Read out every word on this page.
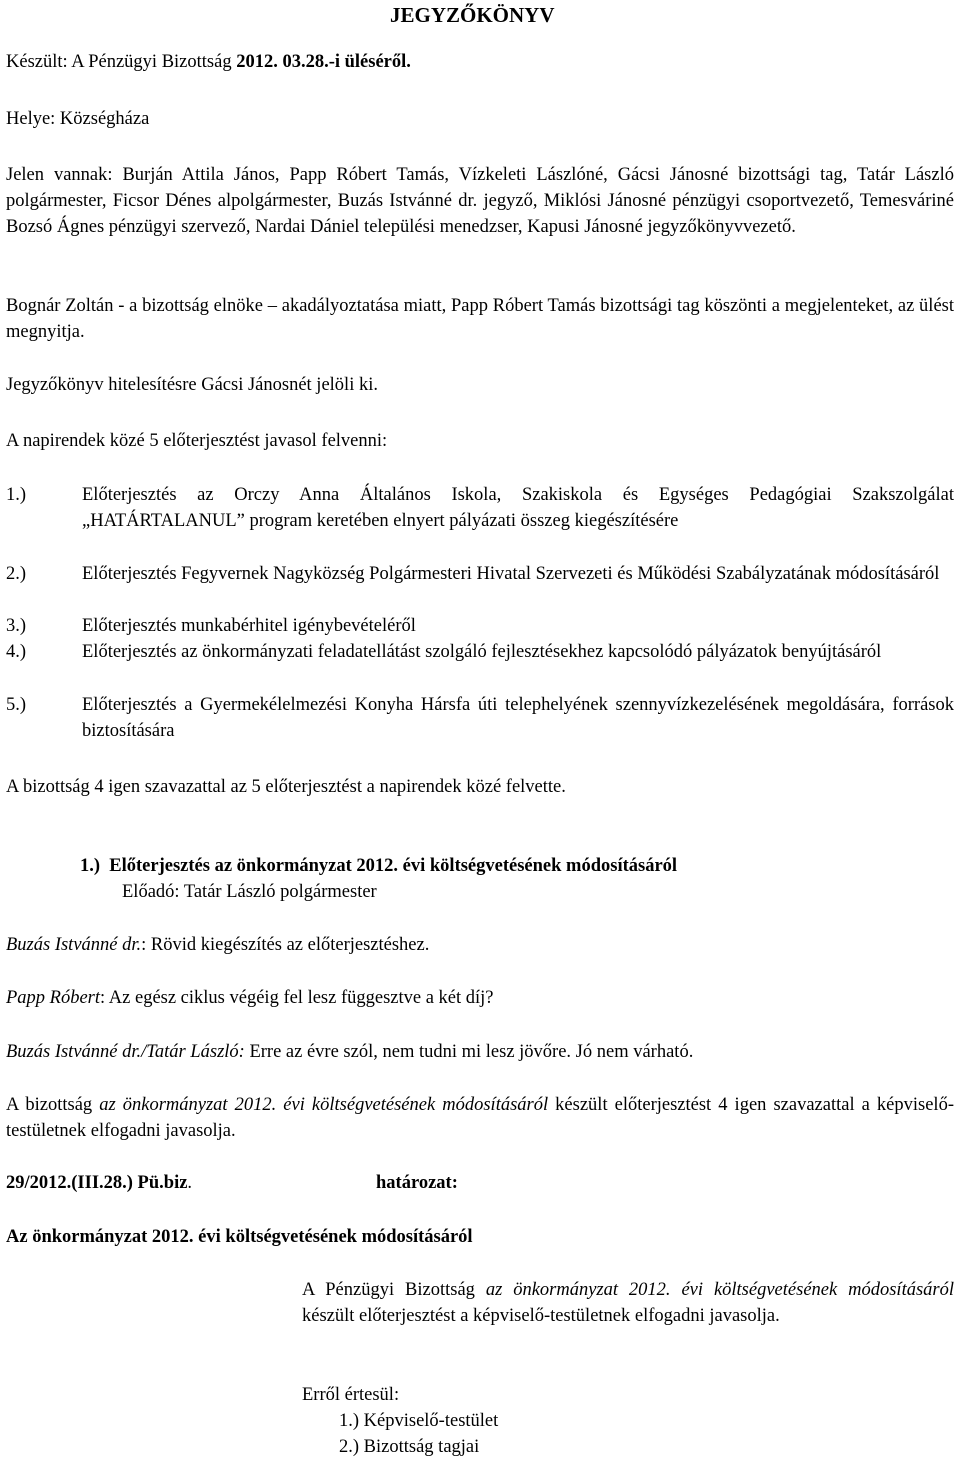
JEGYZŐKÖNYV

Készült: A Pénzügyi Bizottság 2012. 03.28.-i üléséről.

Helye: Községháza

Jelen vannak: Burján Attila János, Papp Róbert Tamás, Vízkeleti Lászlóné, Gácsi Jánosné bizottsági tag, Tatár László polgármester, Ficsor Dénes alpolgármester, Buzás Istvánné dr. jegyző, Miklósi Jánosné pénzügyi csoportvezető, Temesváriné Bozsó Ágnes pénzügyi szervező, Nardai Dániel települési menedzser, Kapusi Jánosné jegyzőkönyvvezető.

Bognár Zoltán - a bizottság elnöke – akadályoztatása miatt, Papp Róbert Tamás bizottsági tag köszönti a megjelenteket, az ülést megnyitja.

Jegyzőkönyv hitelesítésre Gácsi Jánosnét jelöli ki.

A napirendek közé 5 előterjesztést javasol felvenni:

1.)	Előterjesztés az Orczy Anna Általános Iskola, Szakiskola és Egységes Pedagógiai Szakszolgálat „HATÁRTALANUL” program keretében elnyert pályázati összeg kiegészítésére

2.)	Előterjesztés Fegyvernek Nagyközség Polgármesteri Hivatal Szervezeti és Működési Szabályzatának módosításáról

3.)	Előterjesztés munkabérhitel igénybevételéről

4.)	Előterjesztés az önkormányzati feladatellátást szolgáló fejlesztésekhez kapcsolódó pályázatok benyújtásáról

5.)	Előterjesztés a Gyermekélelmezési Konyha Hársfa úti telephelyének szennyvízkezelésének megoldására, források biztosítására

A bizottság 4 igen szavazattal az 5 előterjesztést a napirendek közé felvette.

1.) Előterjesztés az önkormányzat 2012. évi költségvetésének módosításáról

Előadó: Tatár László polgármester

Buzás Istvánné dr.: Rövid kiegészítés az előterjesztéshez.

Papp Róbert: Az egész ciklus végéig fel lesz függesztve a két díj?

Buzás Istvánné dr./Tatár László: Erre az évre szól, nem tudni mi lesz jövőre. Jó nem várható.

A bizottság az önkormányzat 2012. évi költségvetésének módosításáról készült előterjesztést 4 igen szavazattal a képviselő-testületnek elfogadni javasolja.

29/2012.(III.28.) Pü.biz.	határozat:

Az önkormányzat 2012. évi költségvetésének módosításáról

A Pénzügyi Bizottság az önkormányzat 2012. évi költségvetésének módosításáról készült előterjesztést a képviselő-testületnek elfogadni javasolja.

Erről értesül:

1.) Képviselő-testület

2.) Bizottság tagjai
